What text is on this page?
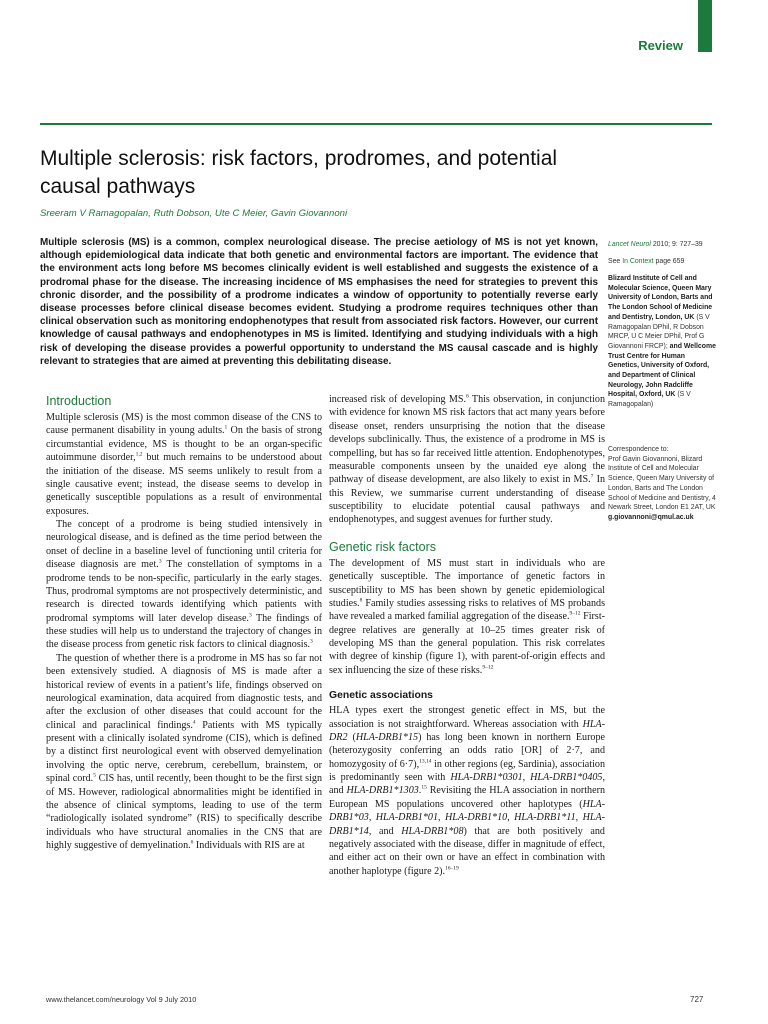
Review
Multiple sclerosis: risk factors, prodromes, and potential causal pathways
Sreeram V Ramagopalan, Ruth Dobson, Ute C Meier, Gavin Giovannoni

Multiple sclerosis (MS) is a common, complex neurological disease. The precise aetiology of MS is not yet known, although epidemiological data indicate that both genetic and environmental factors are important. The evidence that the environment acts long before MS becomes clinically evident is well established and suggests the existence of a prodromal phase for the disease. The increasing incidence of MS emphasises the need for strategies to prevent this chronic disorder, and the possibility of a prodrome indicates a window of opportunity to potentially reverse early disease processes before clinical disease becomes evident. Studying a prodrome requires techniques other than clinical observation such as monitoring endophenotypes that result from associated risk factors. However, our current knowledge of causal pathways and endophenotypes in MS is limited. Identifying and studying individuals with a high risk of developing the disease provides a powerful opportunity to understand the MS causal cascade and is highly relevant to strategies that are aimed at preventing this debilitating disease.

Lancet Neurol 2010; 9: 727–39
See In Context page 659
Blizard Institute of Cell and Molecular Science, Queen Mary University of London, Barts and The London School of Medicine and Dentistry, London, UK (S V Ramagopalan DPhil, R Dobson MRCP, U C Meier DPhil, Prof G Giovannoni FRCP); and Wellcome Trust Centre for Human Genetics, University of Oxford, and Department of Clinical Neurology, John Radcliffe Hospital, Oxford, UK (S V Ramagopalan)
Correspondence to:
Prof Gavin Giovannoni, Blizard Institute of Cell and Molecular Science, Queen Mary University of London, Barts and The London School of Medicine and Dentistry, 4 Newark Street, London E1 2AT, UK
g.giovannoni@qmul.ac.uk
Introduction

Multiple sclerosis (MS) is the most common disease of the CNS to cause permanent disability in young adults.$^1$ On the basis of strong circumstantial evidence, MS is thought to be an organ-specific autoimmune disorder,$^{1,2}$ but much remains to be understood about the initiation of the disease. MS seems unlikely to result from a single causative event; instead, the disease seems to develop in genetically susceptible populations as a result of environmental exposures.

The concept of a prodrome is being studied intensively in neurological disease, and is defined as the time period between the onset of decline in a baseline level of functioning until criteria for disease diagnosis are met.$^3$ The constellation of symptoms in a prodrome tends to be non-specific, particularly in the early stages. Thus, prodromal symptoms are not prospectively deterministic, and research is directed towards identifying which patients with prodromal symptoms will later develop disease.$^3$ The findings of these studies will help us to understand the trajectory of changes in the disease process from genetic risk factors to clinical diagnosis.$^3$

The question of whether there is a prodrome in MS has so far not been extensively studied. A diagnosis of MS is made after a historical review of events in a patient’s life, findings observed on neurological examination, data acquired from diagnostic tests, and after the exclusion of other diseases that could account for the clinical and paraclinical findings.$^4$ Patients with MS typically present with a clinically isolated syndrome (CIS), which is defined by a distinct first neurological event with observed demyelination involving the optic nerve, cerebrum, cerebellum, brainstem, or spinal cord.$^5$ CIS has, until recently, been thought to be the first sign of MS. However, radiological abnormalities might be identified in the absence of clinical symptoms, leading to use of the term “radiologically isolated syndrome” (RIS) to specifically describe individuals who have structural anomalies in the CNS that are highly suggestive of demyelination.$^6$ Individuals with RIS are at

increased risk of developing MS.$^6$ This observation, in conjunction with evidence for known MS risk factors that act many years before disease onset, renders unsurprising the notion that the disease develops subclinically. Thus, the existence of a prodrome in MS is compelling, but has so far received little attention. Endophenotypes, measurable components unseen by the unaided eye along the pathway of disease development, are also likely to exist in MS.$^7$ In this Review, we summarise current understanding of disease susceptibility to elucidate potential causal pathways and endophenotypes, and suggest avenues for further study.

Genetic risk factors

The development of MS must start in individuals who are genetically susceptible. The importance of genetic factors in susceptibility to MS has been shown by genetic epidemiological studies.$^8$ Family studies assessing risks to relatives of MS probands have revealed a marked familial aggregation of the disease.$^{9-12}$ First-degree relatives are generally at 10–25 times greater risk of developing MS than the general population. This risk correlates with degree of kinship (figure 1), with parent-of-origin effects and sex influencing the size of these risks.$^{9-12}$

Genetic associations

HLA types exert the strongest genetic effect in MS, but the association is not straightforward. Whereas association with HLA-DR2 (HLA-DRB1*15) has long been known in northern Europe (heterozygosity conferring an odds ratio [OR] of 2·7, and homozygosity of 6·7),$^{13,14}$ in other regions (eg, Sardinia), association is predominantly seen with HLA-DRB1*0301, HLA-DRB1*0405, and HLA-DRB1*1303.15 Revisiting the HLA association in northern European MS populations uncovered other haplotypes (HLA-DRB1*03, HLA-DRB1*01, HLA-DRB1*10, HLA-DRB1*11, HLA-DRB1*14, and HLA-DRB1*08) that are both positively and negatively associated with the disease, differ in magnitude of effect, and either act on their own or have an effect in combination with another haplotype (figure 2).$^{16-19}$

www.thelancet.com/neurology Vol 9 July 2010	727
